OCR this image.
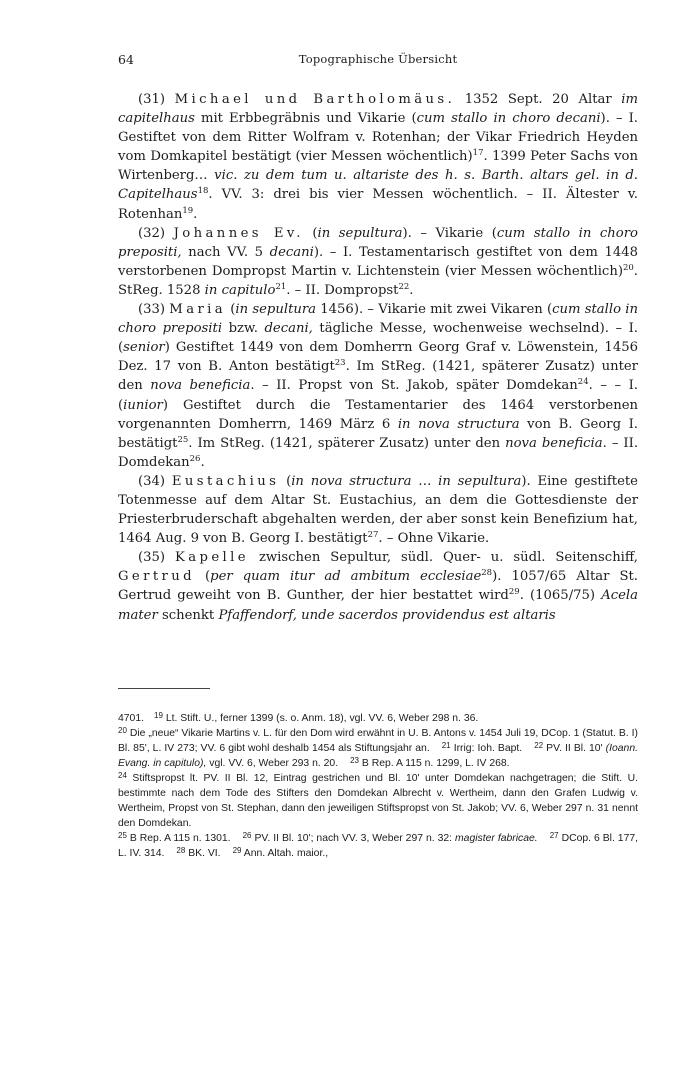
64	Topographische Übersicht

(31) Michael und Bartholomäus. 1352 Sept. 20 Altar im capitelhaus mit Erbbegräbnis und Vikarie (cum stallo in choro decani). – I. Gestiftet von dem Ritter Wolfram v. Rotenhan; der Vikar Friedrich Heyden vom Domkapitel bestätigt (vier Messen wöchentlich)$^{17}$. 1399 Peter Sachs von Wirtenberg… vic. zu dem tum u. altariste des h. s. Barth. altars gel. in d. Capitelhaus$^{18}$. VV. 3: drei bis vier Messen wöchentlich. – II. Ältester v. Rotenhan$^{19}$.

(32) Johannes Ev. (in sepultura). – Vikarie (cum stallo in choro prepositi, nach VV. 5 decani). – I. Testamentarisch gestiftet von dem 1448 verstorbenen Dompropst Martin v. Lichtenstein (vier Messen wöchentlich)$^{20}$. StReg. 1528 in capitulo$^{21}$. – II. Dompropst$^{22}$.

(33) Maria (in sepultura 1456). – Vikarie mit zwei Vikaren (cum stallo in choro prepositi bzw. decani, tägliche Messe, wochenweise wechselnd). – I. (senior) Gestiftet 1449 von dem Domherrn Georg Graf v. Löwenstein, 1456 Dez. 17 von B. Anton bestätigt$^{23}$. Im StReg. (1421, späterer Zusatz) unter den nova beneficia. – II. Propst von St. Jakob, später Domdekan$^{24}$. – – I. (iunior) Gestiftet durch die Testamentarier des 1464 verstorbenen vorgenannten Domherrn, 1469 März 6 in nova structura von B. Georg I. bestätigt$^{25}$. Im StReg. (1421, späterer Zusatz) unter den nova beneficia. – II. Domdekan$^{26}$.

(34) Eustachius (in nova structura … in sepultura). Eine gestiftete Totenmesse auf dem Altar St. Eustachius, an dem die Gottesdienste der Priesterbruderschaft abgehalten werden, der aber sonst kein Benefizium hat, 1464 Aug. 9 von B. Georg I. bestätigt$^{27}$. – Ohne Vikarie.

(35) Kapelle zwischen Sepultur, südl. Quer- u. südl. Seitenschiff, Gertrud (per quam itur ad ambitum ecclesiae$^{28}$). 1057/65 Altar St. Gertrud geweiht von B. Gunther, der hier bestattet wird$^{29}$. (1065/75) Acela mater schenkt Pfaffendorf, unde sacerdos providendus est altaris

4701. $^{19}$ Lt. Stift. U., ferner 1399 (s. o. Anm. 18), vgl. VV. 6, Weber 298 n. 36.

$^{20}$ Die „neue“ Vikarie Martins v. L. für den Dom wird erwähnt in U. B. Antons v. 1454 Juli 19, DCop. 1 (Statut. B. I) Bl. 85', L. IV 273; VV. 6 gibt wohl deshalb 1454 als Stiftungsjahr an. $^{21}$ Irrig: Ioh. Bapt. $^{22}$ PV. II Bl. 10' (Ioann. Evang. in capitulo), vgl. VV. 6, Weber 293 n. 20. $^{23}$ B Rep. A 115 n. 1299, L. IV 268.

$^{24}$ Stiftspropst lt. PV. II Bl. 12, Eintrag gestrichen und Bl. 10' unter Domdekan nachgetragen; die Stift. U. bestimmte nach dem Tode des Stifters den Domdekan Albrecht v. Wertheim, dann den Grafen Ludwig v. Wertheim, Propst von St. Stephan, dann den jeweiligen Stiftspropst von St. Jakob; VV. 6, Weber 297 n. 31 nennt den Domdekan.

$^{25}$ B Rep. A 115 n. 1301. $^{26}$ PV. II Bl. 10'; nach VV. 3, Weber 297 n. 32: magister fabricae. $^{27}$ DCop. 6 Bl. 177, L. IV. 314. $^{28}$ BK. VI. $^{29}$ Ann. Altah. maior.,
